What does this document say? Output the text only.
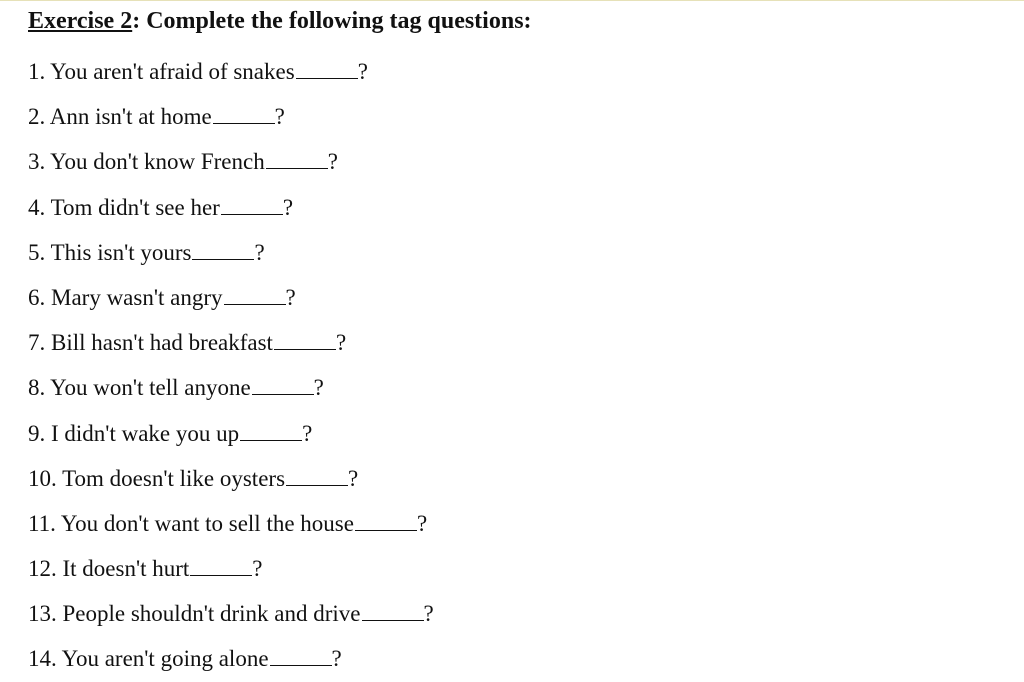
Exercise 2: Complete the following tag questions:
1. You aren't afraid of snakes	?
2. Ann isn't at home	?
3. You don't know French	?
4. Tom didn't see her	?
5. This isn't yours	?
6. Mary wasn't angry	?
7. Bill hasn't had breakfast	?
8. You won't tell anyone	?
9. I didn't wake you up	?
10. Tom doesn't like oysters	?
11. You don't want to sell the house	?
12. It doesn't hurt	?
13. People shouldn't drink and drive	?
14. You aren't going alone	?
